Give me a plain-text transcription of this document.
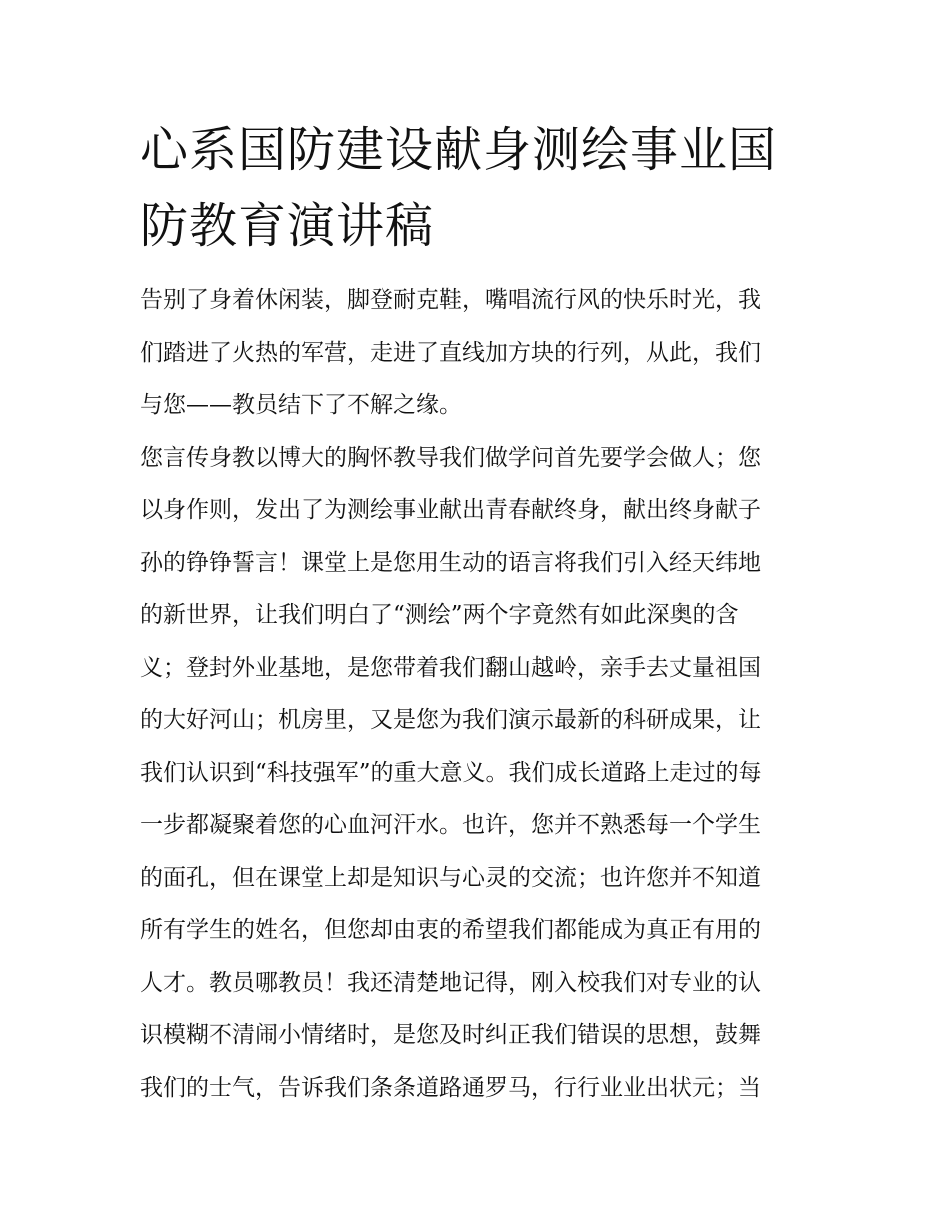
心系国防建设献身测绘事业国
防教育演讲稿
告别了身着休闲装，脚登耐克鞋，嘴唱流行风的快乐时光，我
们踏进了火热的军营，走进了直线加方块的行列，从此，我们
与您——教员结下了不解之缘。
您言传身教以博大的胸怀教导我们做学问首先要学会做人；您
以身作则，发出了为测绘事业献出青春献终身，献出终身献子
孙的铮铮誓言！课堂上是您用生动的语言将我们引入经天纬地
的新世界，让我们明白了“测绘”两个字竟然有如此深奥的含
义；登封外业基地，是您带着我们翻山越岭，亲手去丈量祖国
的大好河山；机房里，又是您为我们演示最新的科研成果，让
我们认识到“科技强军”的重大意义。我们成长道路上走过的每
一步都凝聚着您的心血河汗水。也许，您并不熟悉每一个学生
的面孔，但在课堂上却是知识与心灵的交流；也许您并不知道
所有学生的姓名，但您却由衷的希望我们都能成为真正有用的
人才。教员哪教员！我还清楚地记得，刚入校我们对专业的认
识模糊不清闹小情绪时，是您及时纠正我们错误的思想，鼓舞
我们的士气，告诉我们条条道路通罗马，行行业业出状元；当
